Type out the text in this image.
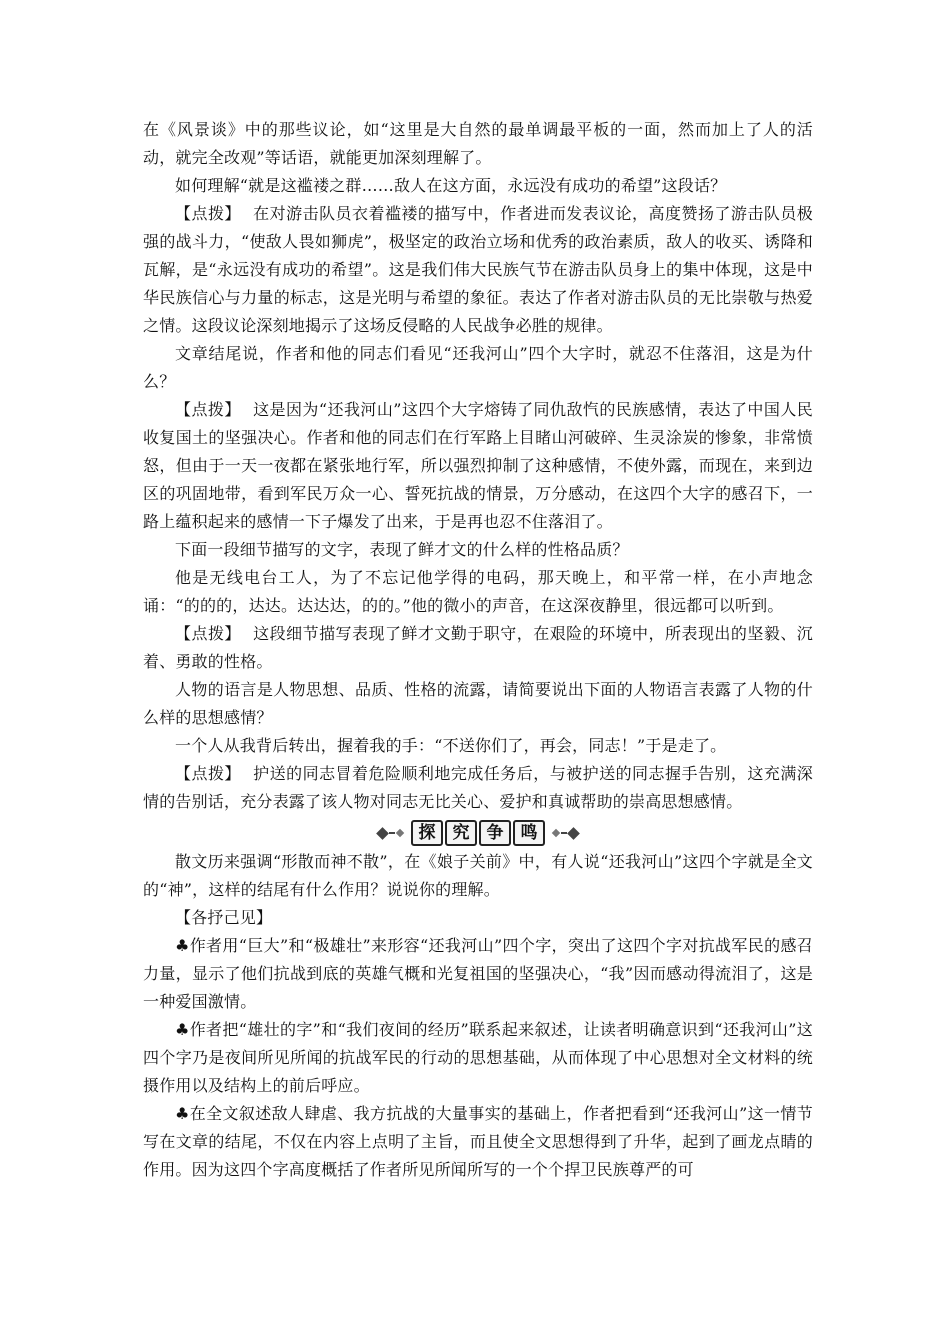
在《风景谈》中的那些议论，如“这里是大自然的最单调最平板的一面，然而加上了人的活动，就完全改观”等话语，就能更加深刻理解了。

如何理解“就是这褴褛之群……敌人在这方面，永远没有成功的希望”这段话？

【点拨】 在对游击队员衣着褴褛的描写中，作者进而发表议论，高度赞扬了游击队员极强的战斗力，“使敌人畏如狮虎”，极坚定的政治立场和优秀的政治素质，敌人的收买、诱降和瓦解，是“永远没有成功的希望”。这是我们伟大民族气节在游击队员身上的集中体现，这是中华民族信心与力量的标志，这是光明与希望的象征。表达了作者对游击队员的无比崇敬与热爱之情。这段议论深刻地揭示了这场反侵略的人民战争必胜的规律。

文章结尾说，作者和他的同志们看见“还我河山”四个大字时，就忍不住落泪，这是为什么？

【点拨】 这是因为“还我河山”这四个大字熔铸了同仇敌忾的民族感情，表达了中国人民收复国土的坚强决心。作者和他的同志们在行军路上目睹山河破碎、生灵涂炭的惨象，非常愤怒，但由于一天一夜都在紧张地行军，所以强烈抑制了这种感情，不使外露，而现在，来到边区的巩固地带，看到军民万众一心、誓死抗战的情景，万分感动，在这四个大字的感召下，一路上蕴积起来的感情一下子爆发了出来，于是再也忍不住落泪了。

下面一段细节描写的文字，表现了鲜才文的什么样的性格品质？

他是无线电台工人，为了不忘记他学得的电码，那天晚上，和平常一样，在小声地念诵：“的的的，达达。达达达，的的。”他的微小的声音，在这深夜静里，很远都可以听到。

【点拨】 这段细节描写表现了鲜才文勤于职守，在艰险的环境中，所表现出的坚毅、沉着、勇敢的性格。

人物的语言是人物思想、品质、性格的流露，请简要说出下面的人物语言表露了人物的什么样的思想感情？

一个人从我背后转出，握着我的手：“不送你们了，再会，同志！”于是走了。

【点拨】 护送的同志冒着危险顺利地完成任务后，与被护送的同志握手告别，这充满深情的告别话，充分表露了该人物对同志无比关心、爱护和真诚帮助的崇高思想感情。

探	究	争	鸣

散文历来强调“形散而神不散”，在《娘子关前》中，有人说“还我河山”这四个字就是全文的“神”，这样的结尾有什么作用？说说你的理解。

【各抒己见】

♣作者用“巨大”和“极雄壮”来形容“还我河山”四个字，突出了这四个字对抗战军民的感召力量，显示了他们抗战到底的英雄气概和光复祖国的坚强决心，“我”因而感动得流泪了，这是一种爱国激情。

♣作者把“雄壮的字”和“我们夜间的经历”联系起来叙述，让读者明确意识到“还我河山”这四个字乃是夜间所见所闻的抗战军民的行动的思想基础，从而体现了中心思想对全文材料的统摄作用以及结构上的前后呼应。

♣在全文叙述敌人肆虐、我方抗战的大量事实的基础上，作者把看到“还我河山”这一情节写在文章的结尾，不仅在内容上点明了主旨，而且使全文思想得到了升华，起到了画龙点睛的作用。因为这四个字高度概括了作者所见所闻所写的一个个捍卫民族尊严的可
